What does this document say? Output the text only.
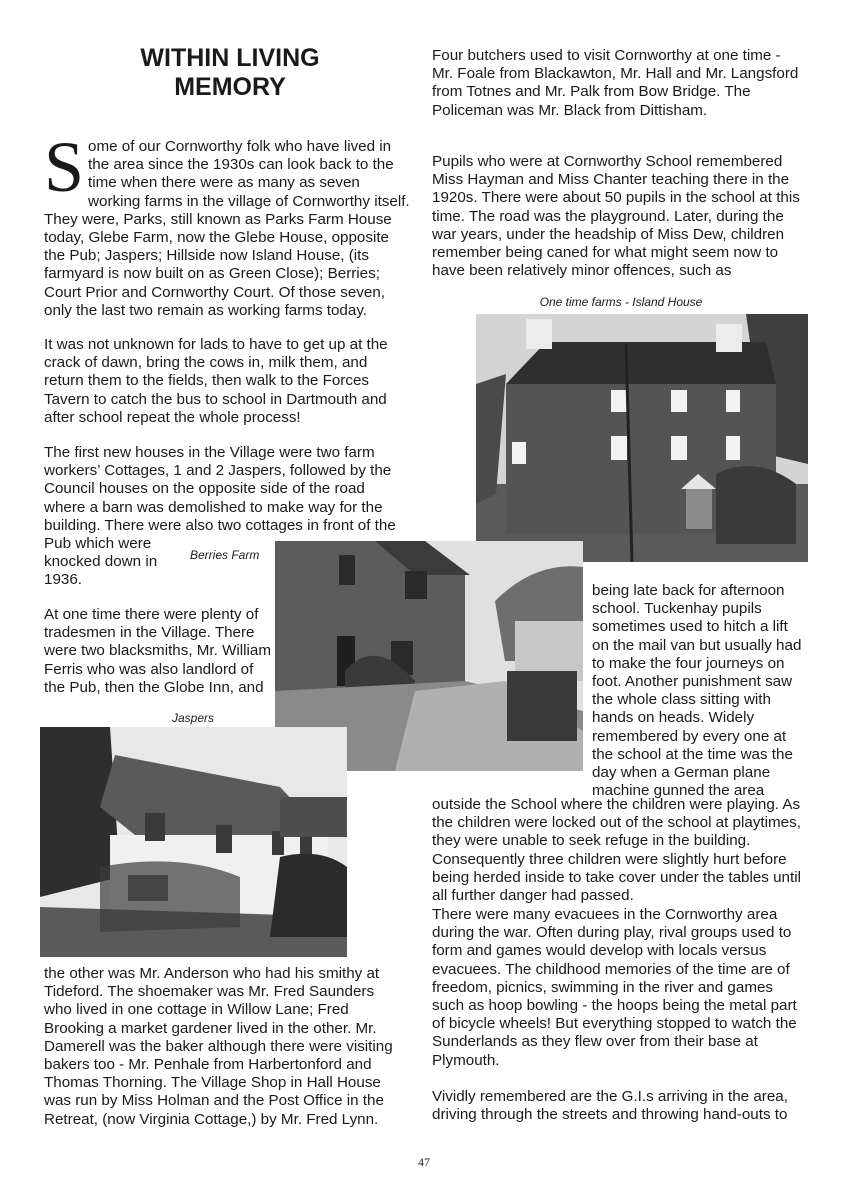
WITHIN LIVING
MEMORY

Some of our Cornworthy folk who have lived in the area since the 1930s can look back to the time when there were as many as seven working farms in the village of Cornworthy itself. They were, Parks, still known as Parks Farm House today, Glebe Farm, now the Glebe House, opposite the Pub; Jaspers; Hillside now Island House, (its farmyard is now built on as Green Close); Berries; Court Prior and Cornworthy Court. Of those seven, only the last two remain as working farms today.

It was not unknown for lads to have to get up at the crack of dawn, bring the cows in, milk them, and return them to the fields, then walk to the Forces Tavern to catch the bus to school in Dartmouth and after school repeat the whole process!

The first new houses in the Village were two farm workers’ Cottages, 1 and 2 Jaspers, followed by the Council houses on the opposite side of the road where a barn was demolished to make way for the building. There were also two cottages in front of the

Pub which were knocked down in 1936.

At one time there were plenty of tradesmen in the Village. There were two blacksmiths, Mr. William Ferris who was also landlord of the Pub, then the Globe Inn, and

the other was Mr. Anderson who had his smithy at Tideford. The shoemaker was Mr. Fred Saunders who lived in one cottage in Willow Lane; Fred Brooking a market gardener lived in the other. Mr. Damerell was the baker although there were visiting bakers too - Mr. Penhale from Harbertonford and Thomas Thorning. The Village Shop in Hall House was run by Miss Holman and the Post Office in the Retreat, (now Virginia Cottage,) by Mr. Fred Lynn.

Four butchers used to visit Cornworthy at one time - Mr. Foale from Blackawton, Mr. Hall and Mr. Langsford from Totnes and Mr. Palk from Bow Bridge. The Policeman was Mr. Black from Dittisham.

Pupils who were at Cornworthy School remembered Miss Hayman and Miss Chanter teaching there in the 1920s. There were about 50 pupils in the school at this time. The road was the playground. Later, during the war years, under the headship of Miss Dew, children remember being caned for what might seem now to have been relatively minor offences, such as

being late back for afternoon school. Tuckenhay pupils sometimes used to hitch a lift on the mail van but usually had to make the four journeys on foot. Another punishment saw the whole class sitting with hands on heads. Widely remembered by every one at the school at the time was the day when a German plane machine gunned the area

outside the School where the children were playing. As the children were locked out of the school at playtimes, they were unable to seek refuge in the building. Consequently three children were slightly hurt before being herded inside to take cover under the tables until all further danger had passed.

There were many evacuees in the Cornworthy area during the war. Often during play, rival groups used to form and games would develop with locals versus evacuees. The childhood memories of the time are of freedom, picnics, swimming in the river and games such as hoop bowling - the hoops being the metal part of bicycle wheels! But everything stopped to watch the Sunderlands as they flew over from their base at Plymouth.

Vividly remembered are the G.I.s arriving in the area, driving through the streets and throwing hand-outs to

One time farms - Island House
Berries Farm
Jaspers
47
